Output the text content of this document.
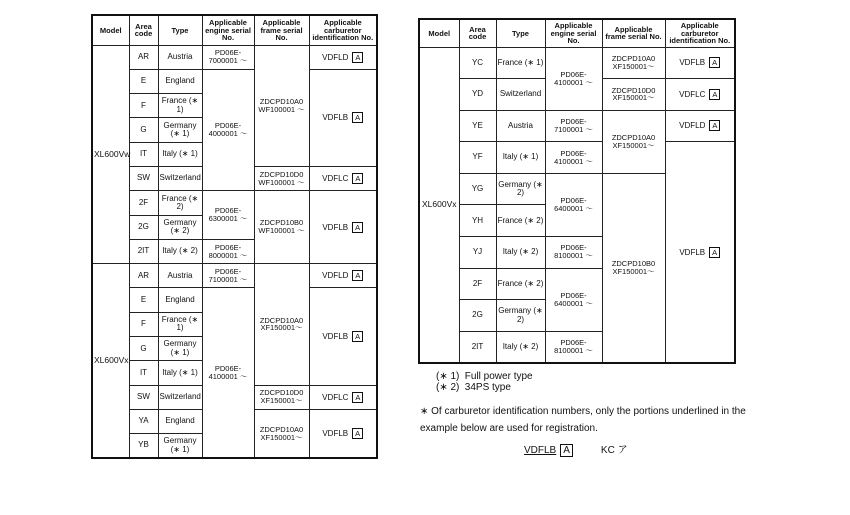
Model	Area code	Type	Applicable engine serial No.	Applicable frame serial No.	Applicable carburetor identification No.
XL600Vw	AR	Austria	PD06E-7000001 〜	ZDCPD10A0 WF100001 〜	VDFLD A
	E	England	PD06E-4000001 〜		VDFLB A
	F	France (∗ 1)			
	G	Germany (∗ 1)			
	IT	Italy (∗ 1)			
	SW	Switzerland		ZDCPD10D0 WF100001 〜	VDFLC A
	2F	France (∗ 2)	PD06E-6300001 〜	ZDCPD10B0 WF100001 〜	VDFLB A
	2G	Germany (∗ 2)			
	2IT	Italy (∗ 2)	PD06E-8000001 〜		
XL600Vx	AR	Austria	PD06E-7100001 〜	ZDCPD10A0 XF150001〜	VDFLD A
	E	England	PD06E-4100001 〜		VDFLB A
	F	France (∗ 1)			
	G	Germany (∗ 1)			
	IT	Italy (∗ 1)			
	SW	Switzerland		ZDCPD10D0 XF150001〜	VDFLC A
	YA	England		ZDCPD10A0 XF150001〜	VDFLB A
	YB	Germany (∗ 1)			
Model	Area code	Type	Applicable engine serial No.	Applicable frame serial No.	Applicable carburetor identification No.
XL600Vx	YC	France (∗ 1)	PD06E-4100001 〜	ZDCPD10A0 XF150001〜	VDFLB A
	YD	Switzerland		ZDCPD10D0 XF150001〜	VDFLC A
	YE	Austria	PD06E-7100001 〜	ZDCPD10A0 XF150001〜	VDFLD A
	YF	Italy (∗ 1)	PD06E-4100001 〜		VDFLB A
	YG	Germany (∗ 2)	PD06E-6400001 〜	ZDCPD10B0 XF150001〜	
	YH	France (∗ 2)			
	YJ	Italy (∗ 2)	PD06E-8100001 〜		
	2F	France (∗ 2)	PD06E-6400001 〜		
	2G	Germany (∗ 2)			
	2IT	Italy (∗ 2)	PD06E-8100001 〜		
(∗ 1) Full power type
(∗ 2) 34PS type
∗ Of carburetor identification numbers, only the portions underlined in the example below are used for registration.
VDFLB A	KC ア
